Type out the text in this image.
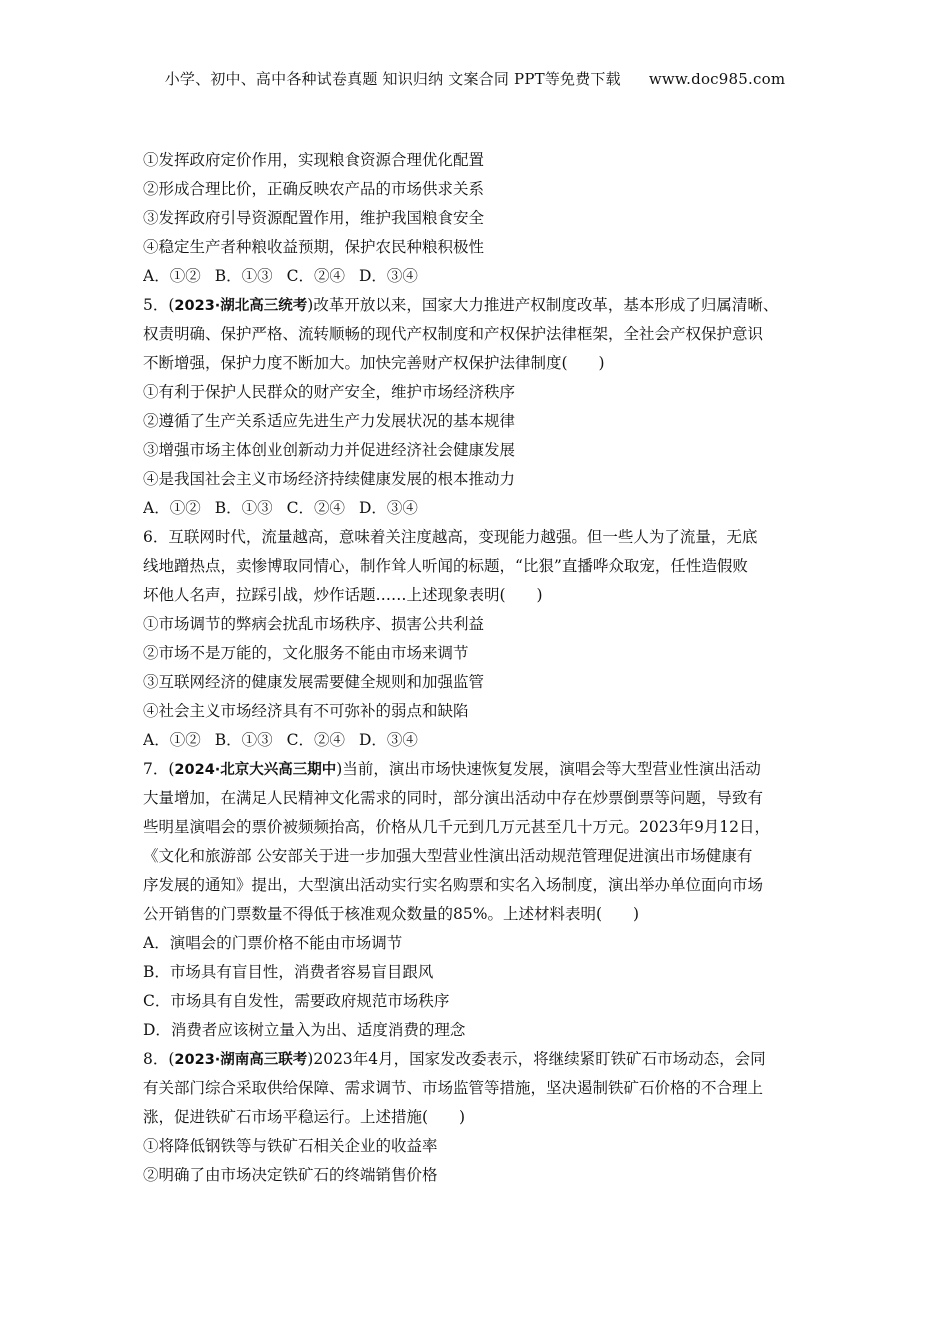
小学、初中、高中各种试卷真题 知识归纳 文案合同 PPT等免费下载 www.doc985.com
①发挥政府定价作用，实现粮食资源合理优化配置
②形成合理比价，正确反映农产品的市场供求关系
③发挥政府引导资源配置作用，维护我国粮食安全
④稳定生产者种粮收益预期，保护农民种粮积极性
A．①② B．①③ C．②④ D．③④
5．(2023·湖北高三统考)改革开放以来，国家大力推进产权制度改革，基本形成了归属清晰、
权责明确、保护严格、流转顺畅的现代产权制度和产权保护法律框架，全社会产权保护意识
不断增强，保护力度不断加大。加快完善财产权保护法律制度(　　)
①有利于保护人民群众的财产安全，维护市场经济秩序
②遵循了生产关系适应先进生产力发展状况的基本规律
③增强市场主体创业创新动力并促进经济社会健康发展
④是我国社会主义市场经济持续健康发展的根本推动力
A．①② B．①③ C．②④ D．③④
6．互联网时代，流量越高，意味着关注度越高，变现能力越强。但一些人为了流量，无底
线地蹭热点，卖惨博取同情心，制作耸人听闻的标题，“比狠”直播哗众取宠，任性造假败
坏他人名声，拉踩引战，炒作话题……上述现象表明(　　)
①市场调节的弊病会扰乱市场秩序、损害公共利益
②市场不是万能的，文化服务不能由市场来调节
③互联网经济的健康发展需要健全规则和加强监管
④社会主义市场经济具有不可弥补的弱点和缺陷
A．①② B．①③ C．②④ D．③④
7．(2024·北京大兴高三期中)当前，演出市场快速恢复发展，演唱会等大型营业性演出活动
大量增加，在满足人民精神文化需求的同时，部分演出活动中存在炒票倒票等问题，导致有
些明星演唱会的票价被频频抬高，价格从几千元到几万元甚至几十万元。2023年9月12日，
《文化和旅游部 公安部关于进一步加强大型营业性演出活动规范管理促进演出市场健康有
序发展的通知》提出，大型演出活动实行实名购票和实名入场制度，演出举办单位面向市场
公开销售的门票数量不得低于核准观众数量的85%。上述材料表明(　　)
A．演唱会的门票价格不能由市场调节
B．市场具有盲目性，消费者容易盲目跟风
C．市场具有自发性，需要政府规范市场秩序
D．消费者应该树立量入为出、适度消费的理念
8．(2023·湖南高三联考)2023年4月，国家发改委表示，将继续紧盯铁矿石市场动态，会同
有关部门综合采取供给保障、需求调节、市场监管等措施，坚决遏制铁矿石价格的不合理上
涨，促进铁矿石市场平稳运行。上述措施(　　)
①将降低钢铁等与铁矿石相关企业的收益率
②明确了由市场决定铁矿石的终端销售价格
